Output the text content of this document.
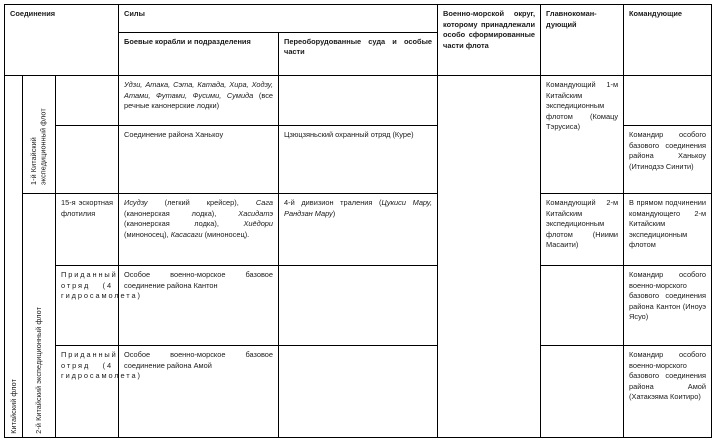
Соединения			Силы		Военно-морской округ, которому принадлежали особо сформированные части флота	Главнокоман-дующий	Командующие
			Боевые корабли и подразделения	Переоборудованные суда и особые части			

Китайский флот	1-й Китайский экспедиционный флот		Удзи, Атака, Сэта, Катада, Хира, Ходзу, Атами, Футами, Фусими, Сумида (все речные канонерские лодки)			Командующий 1-м Китайским экспедиционным флотом (Комацу Тэрусиса)	
			Соединение района Ханькоу	Цзюцзяньский охранный отряд (Куре)			Командир особого базового соединения района Ханькоу (Итинодзэ Синити)

	2-й Китайский экспедиционный флот	15-я эскортная флотилия	Исудзу (легкий крейсер), Сага (канонерская лодка), Хасидатэ (канонерская лодка), Хиёдори (миноносец), Касасаги (миноносец).	4-й дивизион траления (Цукиси Мару, Рандзан Мару)		Командующий 2-м Китайским экспедиционным флотом (Ниими Масаити)	В прямом подчинении командующего 2-м Китайским экспедиционным флотом
		Приданный отряд (4 гидросамолета)	Особое военно-морское базовое соединение района Кантон				Командир особого военно-морского базового соединения района Кантон (Иноуэ Ясуо)
		Приданный отряд (4 гидросамолета)	Особое военно-морское базовое соединение района Амой				Командир особого военно-морского базового соединения района Амой (Хатакэяма Коитиро)
